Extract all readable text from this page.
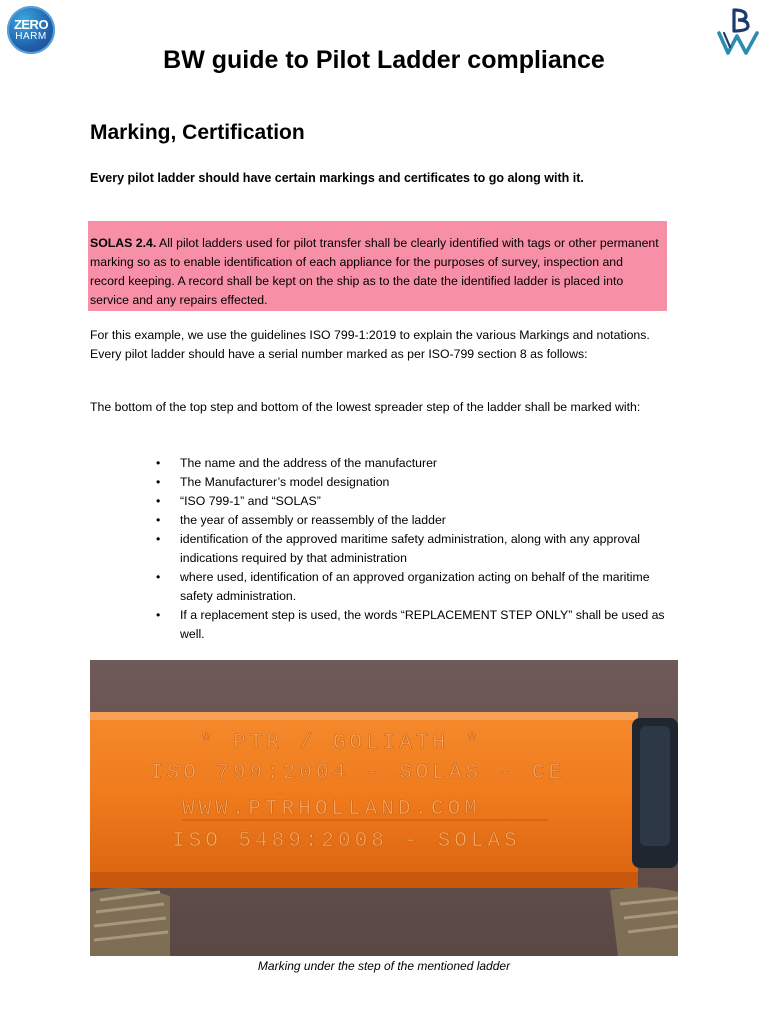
ZERO
HARM
BW guide to Pilot Ladder compliance
Marking, Certification
Every pilot ladder should have certain markings and certificates to go along with it.
SOLAS 2.4. All pilot ladders used for pilot transfer shall be clearly identified with tags or other permanent marking so as to enable identification of each appliance for the purposes of survey, inspection and record keeping. A record shall be kept on the ship as to the date the identified ladder is placed into service and any repairs effected.
For this example, we use the guidelines ISO 799-1:2019 to explain the various Markings and notations. Every pilot ladder should have a serial number marked as per ISO-799 section 8 as follows:
The bottom of the top step and bottom of the lowest spreader step of the ladder shall be marked with:
• The name and the address of the manufacturer
• The Manufacturer’s model designation
• “ISO 799-1” and “SOLAS”
• the year of assembly or reassembly of the ladder
• identification of the approved maritime safety administration, along with any approval indications required by that administration
• where used, identification of an approved organization acting on behalf of the maritime safety administration.
• If a replacement step is used, the words “REPLACEMENT STEP ONLY” shall be used as well.
* PTR / GOLIATH *
ISO 799:2004 - SOLAS - CE
WWW.PTRHOLLAND.COM
ISO 5489:2008 - SOLAS
Marking under the step of the mentioned ladder
